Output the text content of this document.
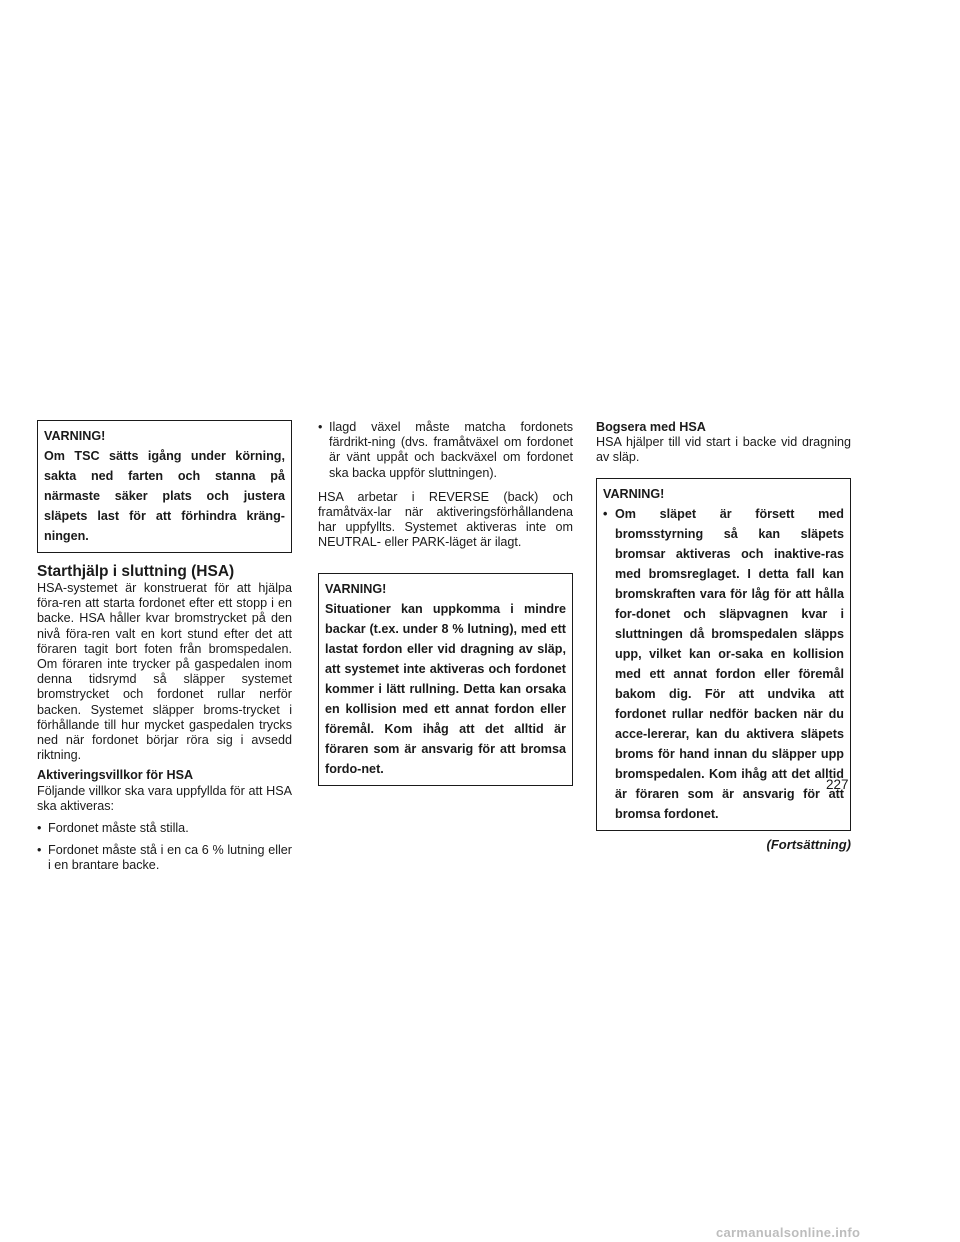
VARNING!
Om TSC sätts igång under körning, sakta ned farten och stanna på närmaste säker plats och justera släpets last för att förhindra kräng-ningen.
Starthjälp i sluttning (HSA)

HSA-systemet är konstruerat för att hjälpa föra-ren att starta fordonet efter ett stopp i en backe. HSA håller kvar bromstrycket på den nivå föra-ren valt en kort stund efter det att föraren tagit bort foten från bromspedalen. Om föraren inte trycker på gaspedalen inom denna tidsrymd så släpper systemet bromstrycket och fordonet rullar nerför backen. Systemet släpper broms-trycket i förhållande till hur mycket gaspedalen trycks ned när fordonet börjar röra sig i avsedd riktning.

Aktiveringsvillkor för HSA

Följande villkor ska vara uppfyllda för att HSA ska aktiveras:

• Fordonet måste stå stilla.

• Fordonet måste stå i en ca 6 % lutning eller i en brantare backe.

• Ilagd växel måste matcha fordonets färdrikt-ning (dvs. framåtväxel om fordonet är vänt uppåt och backväxel om fordonet ska backa uppför sluttningen).

HSA arbetar i REVERSE (back) och framåtväx-lar när aktiveringsförhållandena har uppfyllts. Systemet aktiveras inte om NEUTRAL- eller PARK-läget är ilagt.

VARNING!
Situationer kan uppkomma i mindre backar (t.ex. under 8 % lutning), med ett lastat fordon eller vid dragning av släp, att systemet inte aktiveras och fordonet kommer i lätt rullning. Detta kan orsaka en kollision med ett annat fordon eller föremål. Kom ihåg att det alltid är föraren som är ansvarig för att bromsa fordo-net.
Bogsera med HSA

HSA hjälper till vid start i backe vid dragning av släp.

VARNING!
• Om släpet är försett med bromsstyrning så kan släpets bromsar aktiveras och inaktive-ras med bromsreglaget. I detta fall kan bromskraften vara för låg för att hålla for-donet och släpvagnen kvar i sluttningen då bromspedalen släpps upp, vilket kan or-saka en kollision med ett annat fordon eller föremål bakom dig. För att undvika att fordonet rullar nedför backen när du acce-lererar, kan du aktivera släpets broms för hand innan du släpper upp bromspedalen. Kom ihåg att det alltid är föraren som är ansvarig för att bromsa fordonet.
(Fortsättning)
227
carmanualsonline.info
